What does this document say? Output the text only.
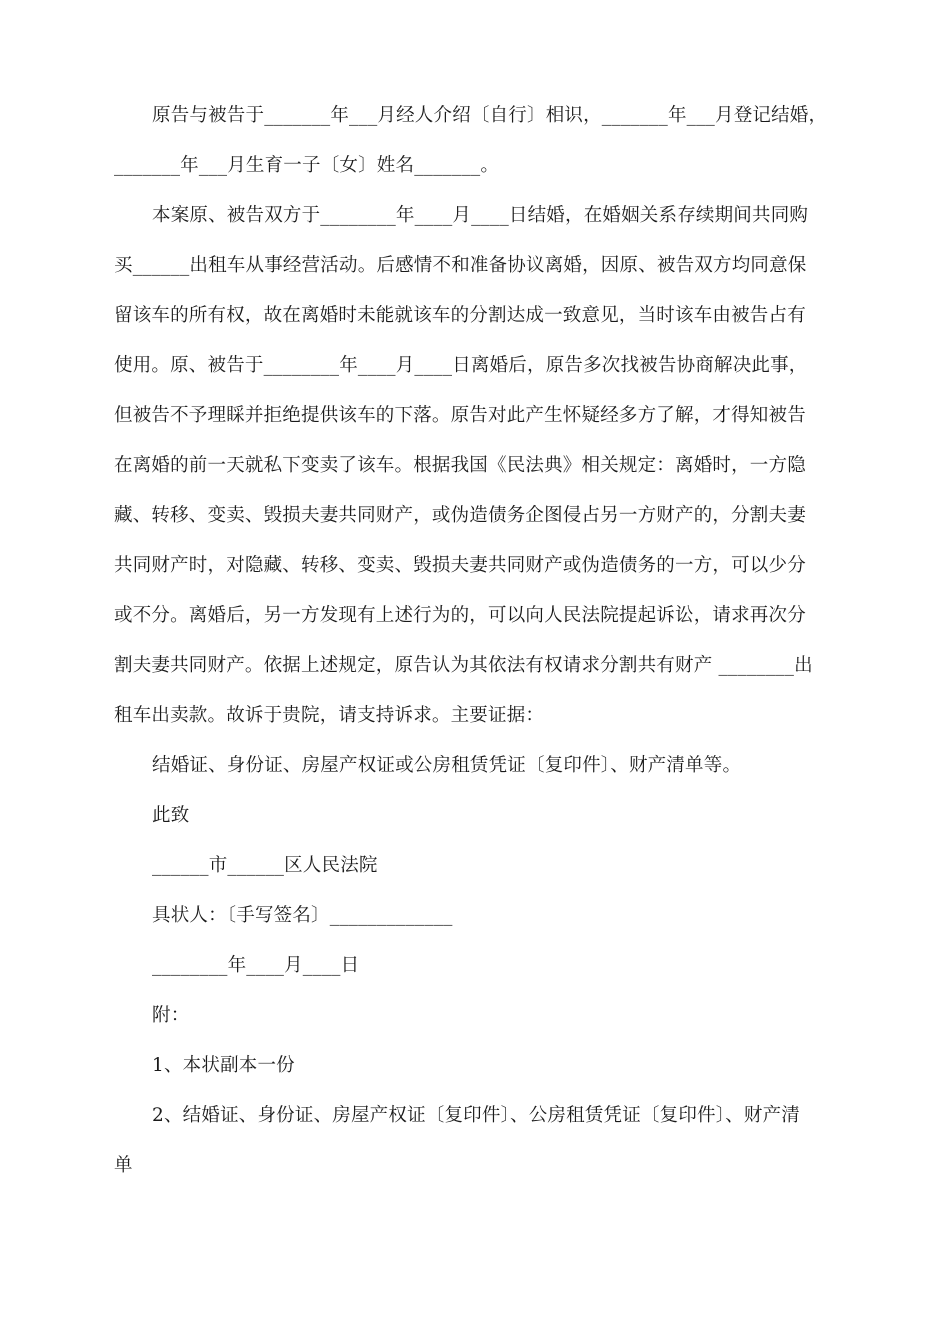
原告与被告于_______年___月经人介绍〔自行〕相识，_______年___月登记结婚，
_______年___月生育一子〔女〕姓名_______。
本案原、被告双方于________年____月____日结婚，在婚姻关系存续期间共同购
买______出租车从事经营活动。后感情不和准备协议离婚，因原、被告双方均同意保
留该车的所有权，故在离婚时未能就该车的分割达成一致意见，当时该车由被告占有
使用。原、被告于________年____月____日离婚后，原告多次找被告协商解决此事，
但被告不予理睬并拒绝提供该车的下落。原告对此产生怀疑经多方了解，才得知被告
在离婚的前一天就私下变卖了该车。根据我国《民法典》相关规定：离婚时，一方隐
藏、转移、变卖、毁损夫妻共同财产，或伪造债务企图侵占另一方财产的，分割夫妻
共同财产时，对隐藏、转移、变卖、毁损夫妻共同财产或伪造债务的一方，可以少分
或不分。离婚后，另一方发现有上述行为的，可以向人民法院提起诉讼，请求再次分
割夫妻共同财产。依据上述规定，原告认为其依法有权请求分割共有财产 ________出
租车出卖款。故诉于贵院，请支持诉求。主要证据：
结婚证、身份证、房屋产权证或公房租赁凭证〔复印件〕、财产清单等。
此致
______市______区人民法院
具状人：〔手写签名〕_____________
________年____月____日
附：
1、本状副本一份
2、结婚证、身份证、房屋产权证〔复印件〕、公房租赁凭证〔复印件〕、财产清
单
